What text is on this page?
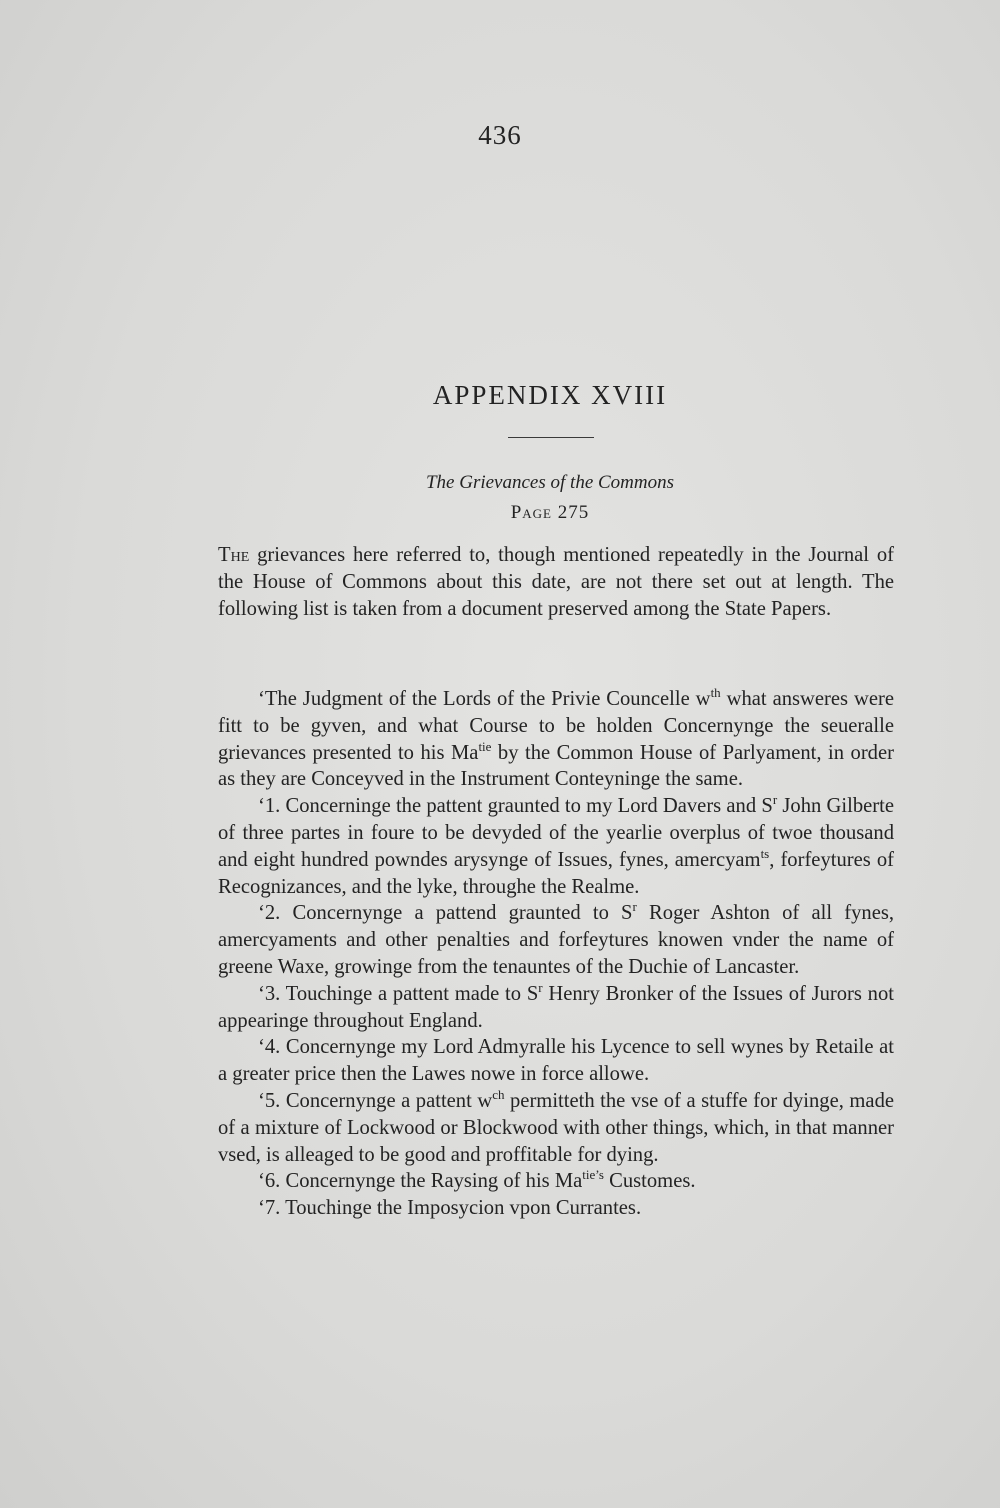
436
APPENDIX XVIII
The Grievances of the Commons
Page 275

The grievances here referred to, though mentioned repeatedly in the Journal of the House of Commons about this date, are not there set out at length. The following list is taken from a document preserved among the State Papers.

‘The Judgment of the Lords of the Privie Councelle $w^{th}$ what answeres were fitt to be gyven, and what Course to be holden Concernynge the seueralle grievances presented to his $Ma^{tie}$ by the Common House of Parlyament, in order as they are Conceyved in the Instrument Conteyninge the same.

‘1. Concerninge the pattent graunted to my Lord Davers and $S^r$ John Gilberte of three partes in foure to be devyded of the yearlie overplus of twoe thousand and eight hundred powndes arysynge of Issues, fynes, amercyam$^{ts}$, forfeytures of Recognizances, and the lyke, throughe the Realme.

‘2. Concernynge a pattend graunted to $S^r$ Roger Ashton of all fynes, amercyaments and other penalties and forfeytures knowen vnder the name of greene Waxe, growinge from the tenauntes of the Duchie of Lancaster.

‘3. Touchinge a pattent made to $S^r$ Henry Bronker of the Issues of Jurors not appearinge throughout England.

‘4. Concernynge my Lord Admyralle his Lycence to sell wynes by Retaile at a greater price then the Lawes nowe in force allowe.

‘5. Concernynge a pattent $w^{ch}$ permitteth the vse of a stuffe for dyinge, made of a mixture of Lockwood or Blockwood with other things, which, in that manner vsed, is alleaged to be good and proffitable for dying.

‘6. Concernynge the Raysing of his $Ma^{tie’s}$ Customes.

‘7. Touchinge the Imposycion vpon Currantes.
